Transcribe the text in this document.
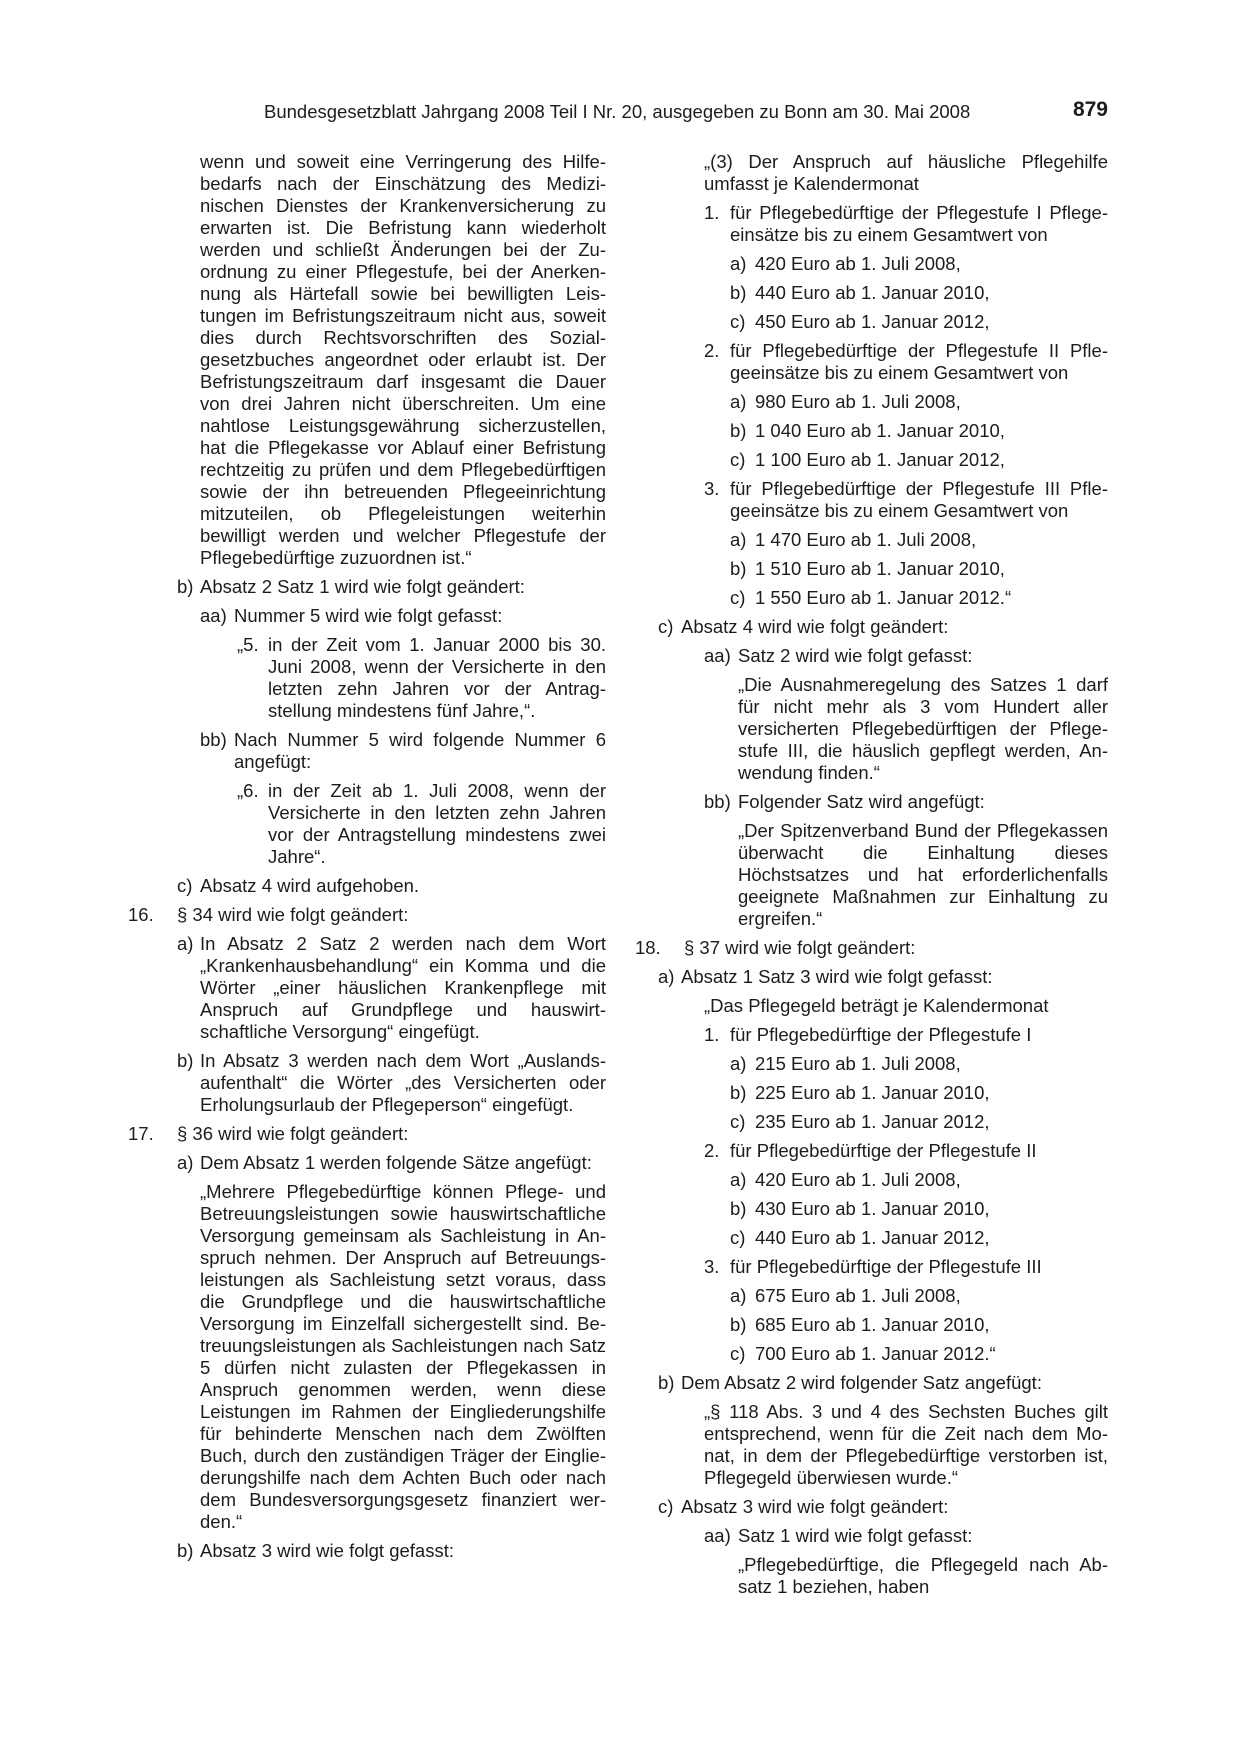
Bundesgesetzblatt Jahrgang 2008 Teil I Nr. 20, ausgegeben zu Bonn am 30. Mai 2008	879
wenn und soweit eine Verringerung des Hilfebedarfs nach der Einschätzung des Medizinischen Dienstes der Krankenversicherung zu erwarten ist. Die Befristung kann wiederholt werden und schließt Änderungen bei der Zuordnung zu einer Pflegestufe, bei der Anerkennung als Härtefall sowie bei bewilligten Leistungen im Befristungszeitraum nicht aus, soweit dies durch Rechtsvorschriften des Sozialgesetzbuches angeordnet oder erlaubt ist. Der Befristungszeitraum darf insgesamt die Dauer von drei Jahren nicht überschreiten. Um eine nahtlose Leistungsgewährung sicherzustellen, hat die Pflegekasse vor Ablauf einer Befristung rechtzeitig zu prüfen und dem Pflegebedürftigen sowie der ihn betreuenden Pflegeeinrichtung mitzuteilen, ob Pflegeleistungen weiterhin bewilligt werden und welcher Pflegestufe der Pflegebedürftige zuzuordnen ist.“
b) Absatz 2 Satz 1 wird wie folgt geändert:
aa) Nummer 5 wird wie folgt gefasst:
„5. in der Zeit vom 1. Januar 2000 bis 30. Juni 2008, wenn der Versicherte in den letzten zehn Jahren vor der Antragstellung mindestens fünf Jahre,“.
bb) Nach Nummer 5 wird folgende Nummer 6 angefügt:
„6. in der Zeit ab 1. Juli 2008, wenn der Versicherte in den letzten zehn Jahren vor der Antragstellung mindestens zwei Jahre“.
c) Absatz 4 wird aufgehoben.
16. § 34 wird wie folgt geändert:
a) In Absatz 2 Satz 2 werden nach dem Wort „Krankenhausbehandlung“ ein Komma und die Wörter „einer häuslichen Krankenpflege mit Anspruch auf Grundpflege und hauswirtschaftliche Versorgung“ eingefügt.
b) In Absatz 3 werden nach dem Wort „Auslandsaufenthalt“ die Wörter „des Versicherten oder Erholungsurlaub der Pflegeperson“ eingefügt.
17. § 36 wird wie folgt geändert:
a) Dem Absatz 1 werden folgende Sätze angefügt:
„Mehrere Pflegebedürftige können Pflege- und Betreuungsleistungen sowie hauswirtschaftliche Versorgung gemeinsam als Sachleistung in Anspruch nehmen. Der Anspruch auf Betreuungsleistungen als Sachleistung setzt voraus, dass die Grundpflege und die hauswirtschaftliche Versorgung im Einzelfall sichergestellt sind. Betreuungsleistungen als Sachleistungen nach Satz 5 dürfen nicht zulasten der Pflegekassen in Anspruch genommen werden, wenn diese Leistungen im Rahmen der Eingliederungshilfe für behinderte Menschen nach dem Zwölften Buch, durch den zuständigen Träger der Eingliederungshilfe nach dem Achten Buch oder nach dem Bundesversorgungsgesetz finanziert werden.“
b) Absatz 3 wird wie folgt gefasst:
„(3) Der Anspruch auf häusliche Pflegehilfe umfasst je Kalendermonat
1. für Pflegebedürftige der Pflegestufe I Pflegeeinsätze bis zu einem Gesamtwert von
a) 420 Euro ab 1. Juli 2008,
b) 440 Euro ab 1. Januar 2010,
c) 450 Euro ab 1. Januar 2012,
2. für Pflegebedürftige der Pflegestufe II Pflegeeinsätze bis zu einem Gesamtwert von
a) 980 Euro ab 1. Juli 2008,
b) 1 040 Euro ab 1. Januar 2010,
c) 1 100 Euro ab 1. Januar 2012,
3. für Pflegebedürftige der Pflegestufe III Pflegeeinsätze bis zu einem Gesamtwert von
a) 1 470 Euro ab 1. Juli 2008,
b) 1 510 Euro ab 1. Januar 2010,
c) 1 550 Euro ab 1. Januar 2012.“
c) Absatz 4 wird wie folgt geändert:
aa) Satz 2 wird wie folgt gefasst:
„Die Ausnahmeregelung des Satzes 1 darf für nicht mehr als 3 vom Hundert aller versicherten Pflegebedürftigen der Pflegestufe III, die häuslich gepflegt werden, Anwendung finden.“
bb) Folgender Satz wird angefügt:
„Der Spitzenverband Bund der Pflegekassen überwacht die Einhaltung dieses Höchstsatzes und hat erforderlichenfalls geeignete Maßnahmen zur Einhaltung zu ergreifen.“
18. § 37 wird wie folgt geändert:
a) Absatz 1 Satz 3 wird wie folgt gefasst:
„Das Pflegegeld beträgt je Kalendermonat
1. für Pflegebedürftige der Pflegestufe I
a) 215 Euro ab 1. Juli 2008,
b) 225 Euro ab 1. Januar 2010,
c) 235 Euro ab 1. Januar 2012,
2. für Pflegebedürftige der Pflegestufe II
a) 420 Euro ab 1. Juli 2008,
b) 430 Euro ab 1. Januar 2010,
c) 440 Euro ab 1. Januar 2012,
3. für Pflegebedürftige der Pflegestufe III
a) 675 Euro ab 1. Juli 2008,
b) 685 Euro ab 1. Januar 2010,
c) 700 Euro ab 1. Januar 2012.“
b) Dem Absatz 2 wird folgender Satz angefügt:
„§ 118 Abs. 3 und 4 des Sechsten Buches gilt entsprechend, wenn für die Zeit nach dem Monat, in dem der Pflegebedürftige verstorben ist, Pflegegeld überwiesen wurde.“
c) Absatz 3 wird wie folgt geändert:
aa) Satz 1 wird wie folgt gefasst:
„Pflegebedürftige, die Pflegegeld nach Absatz 1 beziehen, haben
